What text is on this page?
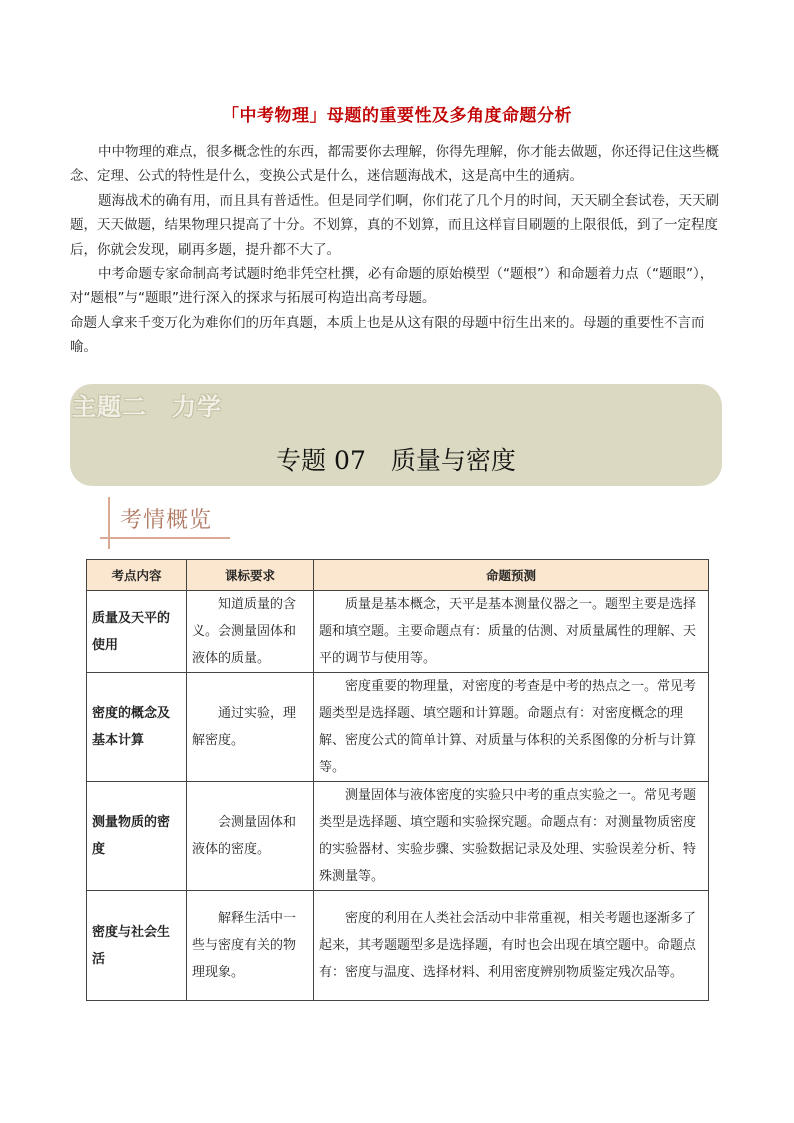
「中考物理」母题的重要性及多角度命题分析

中中物理的难点，很多概念性的东西，都需要你去理解，你得先理解，你才能去做题，你还得记住这些概念、定理、公式的特性是什么，变换公式是什么，迷信题海战术，这是高中生的通病。

题海战术的确有用，而且具有普适性。但是同学们啊，你们花了几个月的时间，天天刷全套试卷，天天刷题，天天做题，结果物理只提高了十分。不划算，真的不划算，而且这样盲目刷题的上限很低，到了一定程度后，你就会发现，刷再多题，提升都不大了。

中考命题专家命制高考试题时绝非凭空杜撰，必有命题的原始模型（“题根”）和命题着力点（“题眼”），对“题根”与“题眼”进行深入的探求与拓展可构造出高考母题。

命题人拿来千变万化为难你们的历年真题，本质上也是从这有限的母题中衍生出来的。母题的重要性不言而喻。

主题二　力学
专题 07　质量与密度
考情概览
考点内容	课标要求	命题预测
质量及天平的使用	知道质量的含义。会测量固体和液体的质量。	质量是基本概念，天平是基本测量仪器之一。题型主要是选择题和填空题。主要命题点有：质量的估测、对质量属性的理解、天平的调节与使用等。
密度的概念及基本计算	通过实验，理解密度。	密度重要的物理量，对密度的考查是中考的热点之一。常见考题类型是选择题、填空题和计算题。命题点有：对密度概念的理解、密度公式的简单计算、对质量与体积的关系图像的分析与计算等。
测量物质的密度	会测量固体和液体的密度。	测量固体与液体密度的实验只中考的重点实验之一。常见考题类型是选择题、填空题和实验探究题。命题点有：对测量物质密度的实验器材、实验步骤、实验数据记录及处理、实验误差分析、特殊测量等。
密度与社会生活	解释生活中一些与密度有关的物理现象。	密度的利用在人类社会活动中非常重视，相关考题也逐渐多了起来，其考题题型多是选择题，有时也会出现在填空题中。命题点有：密度与温度、选择材料、利用密度辨别物质鉴定残次品等。
